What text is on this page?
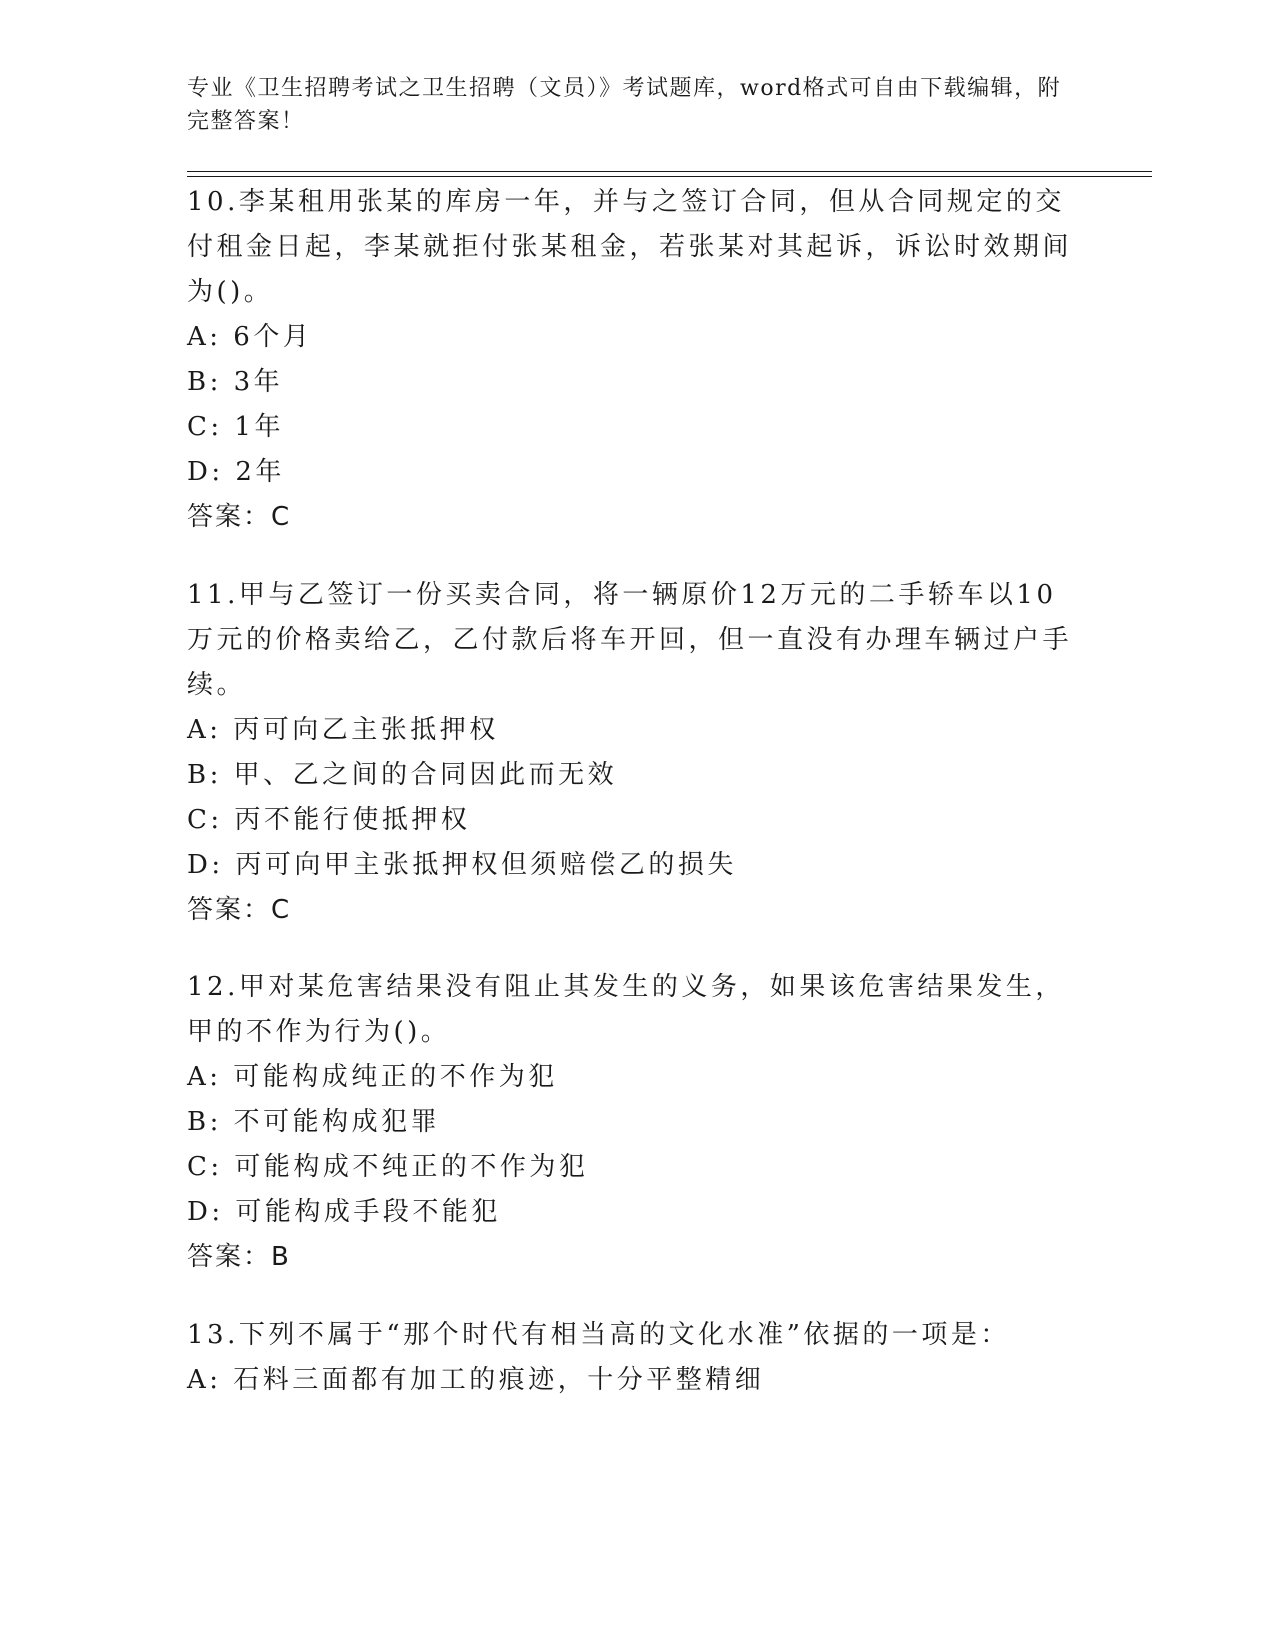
专业《卫生招聘考试之卫生招聘（文员）》考试题库，word格式可自由下载编辑，附完整答案！
10.李某租用张某的库房一年，并与之签订合同，但从合同规定的交付租金日起，李某就拒付张某租金，若张某对其起诉，诉讼时效期间为()。
A: 6个月
B: 3年
C: 1年
D: 2年
答案：C
11.甲与乙签订一份买卖合同，将一辆原价12万元的二手轿车以10万元的价格卖给乙，乙付款后将车开回，但一直没有办理车辆过户手续。
A: 丙可向乙主张抵押权
B: 甲、乙之间的合同因此而无效
C: 丙不能行使抵押权
D: 丙可向甲主张抵押权但须赔偿乙的损失
答案：C
12.甲对某危害结果没有阻止其发生的义务，如果该危害结果发生，甲的不作为行为()。
A: 可能构成纯正的不作为犯
B: 不可能构成犯罪
C: 可能构成不纯正的不作为犯
D: 可能构成手段不能犯
答案：B
13.下列不属于“那个时代有相当高的文化水准”依据的一项是：
A: 石料三面都有加工的痕迹，十分平整精细
